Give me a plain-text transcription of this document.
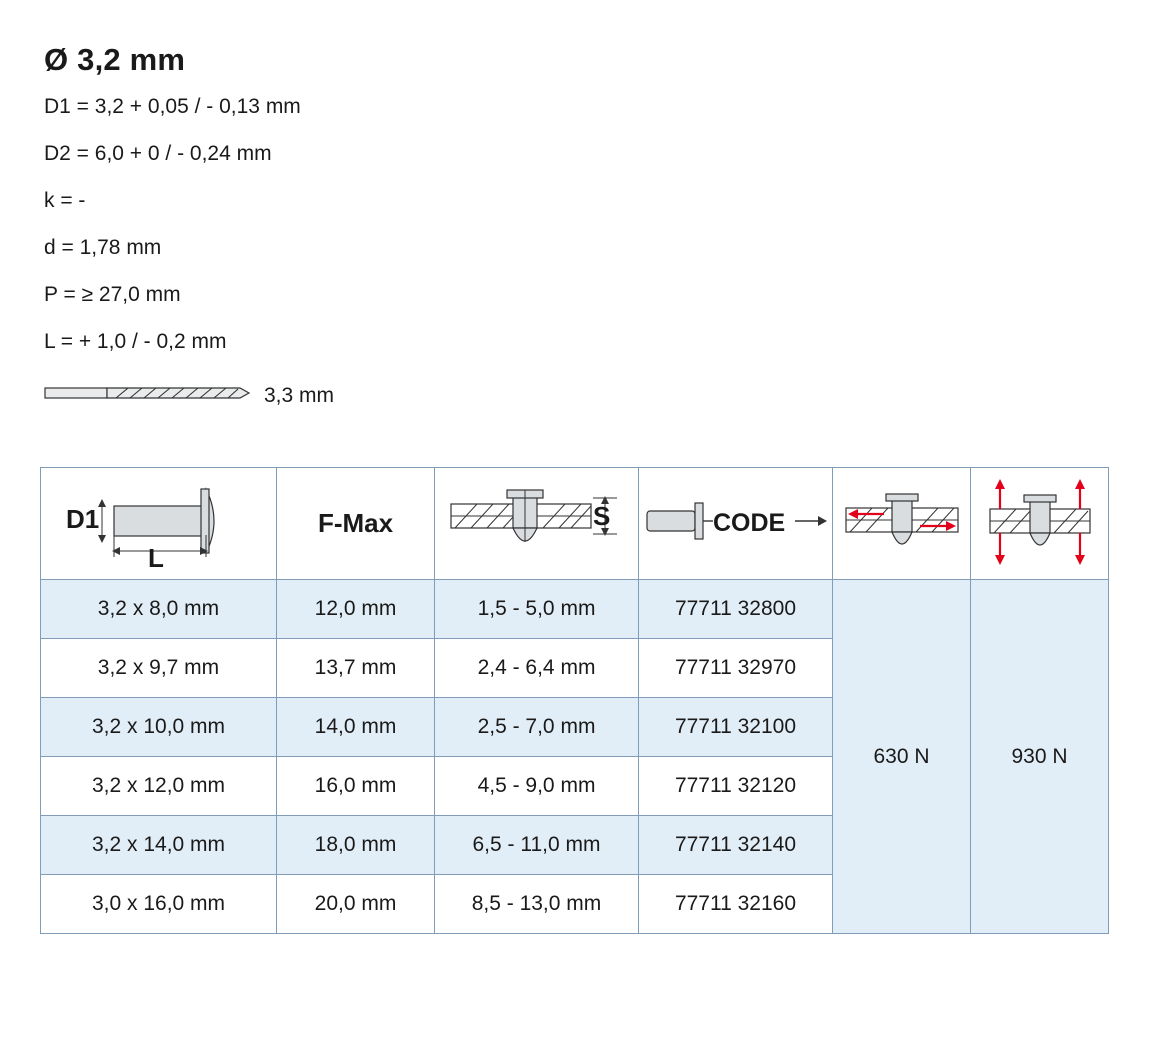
Ø 3,2 mm
D1 = 3,2 + 0,05 / - 0,13 mm
D2 = 6,0 + 0 / - 0,24 mm
k = -
d = 1,78 mm
P = ≥ 27,0 mm
L = + 1,0 / - 0,2 mm
3,3 mm
D1
L	F-Max	S	CODE

3,2 x 8,0 mm	12,0 mm	1,5 - 5,0 mm	77711 32800	630 N	930 N
3,2 x 9,7 mm	13,7 mm	2,4 - 6,4 mm	77711 32970		
3,2 x 10,0 mm	14,0 mm	2,5 - 7,0 mm	77711 32100		
3,2 x 12,0 mm	16,0 mm	4,5 - 9,0 mm	77711 32120		
3,2 x 14,0 mm	18,0 mm	6,5 - 11,0 mm	77711 32140		
3,0 x 16,0 mm	20,0 mm	8,5 - 13,0 mm	77711 32160		
